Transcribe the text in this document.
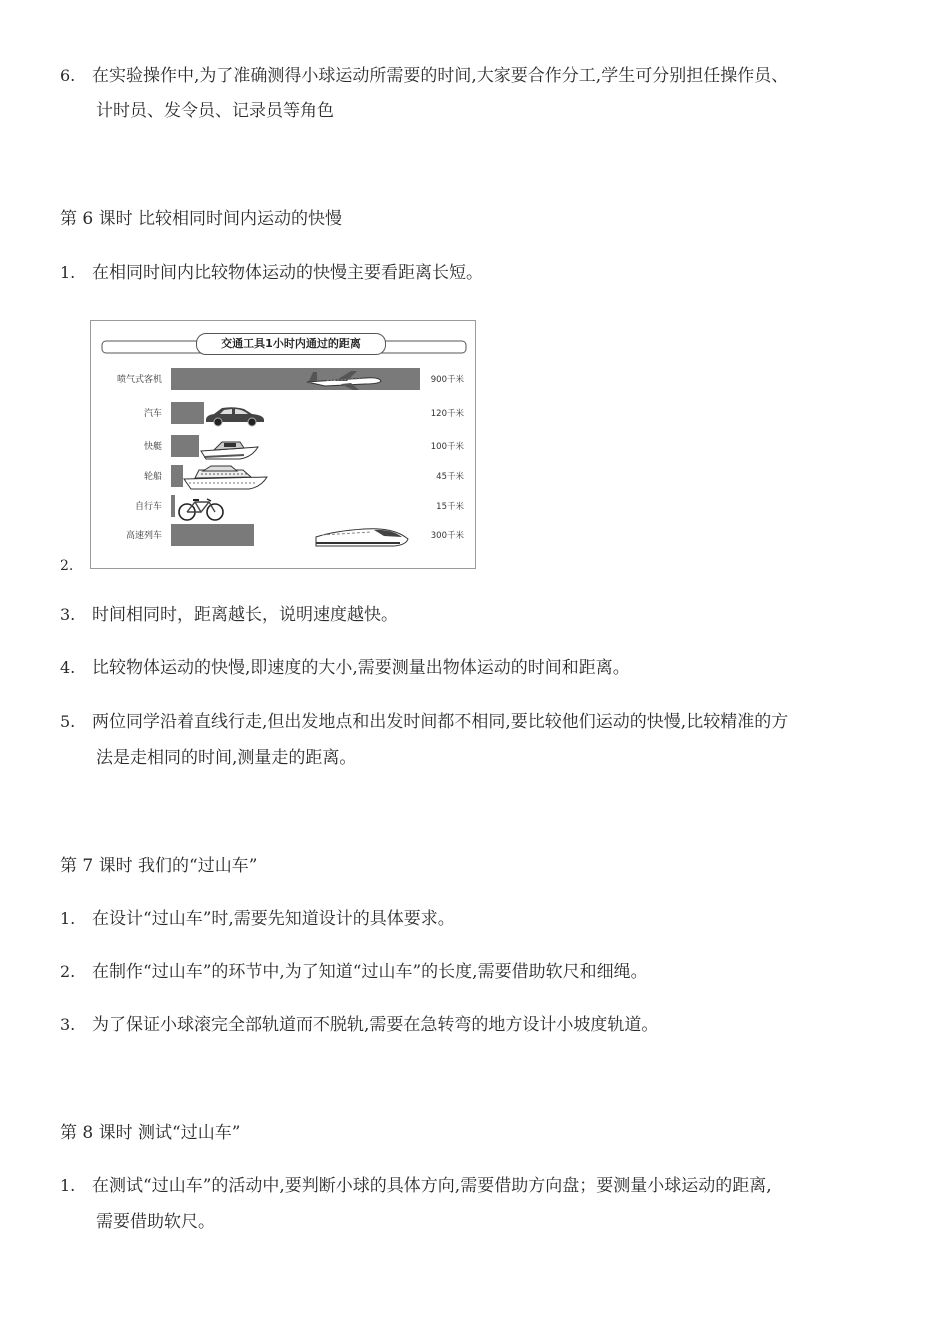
6. 在实验操作中,为了准确测得小球运动所需要的时间,大家要合作分工,学生可分别担任操作员、
计时员、发令员、记录员等角色
第 6 课时 比较相同时间内运动的快慢
1. 在相同时间内比较物体运动的快慢主要看距离长短。
交通工具1小时内通过的距离
喷气式客机	900千米
汽车	120千米
快艇	100千米
轮船	45千米
自行车	15千米
高速列车	300千米
2.
3. 时间相同时，距离越长，说明速度越快。
4. 比较物体运动的快慢,即速度的大小,需要测量出物体运动的时间和距离。
5. 两位同学沿着直线行走,但出发地点和出发时间都不相同,要比较他们运动的快慢,比较精准的方
法是走相同的时间,测量走的距离。
第 7 课时 我们的“过山车”
1. 在设计“过山车”时,需要先知道设计的具体要求。
2. 在制作“过山车”的环节中,为了知道“过山车”的长度,需要借助软尺和细绳。
3. 为了保证小球滚完全部轨道而不脱轨,需要在急转弯的地方设计小坡度轨道。
第 8 课时 测试“过山车”
1. 在测试“过山车”的活动中,要判断小球的具体方向,需要借助方向盘；要测量小球运动的距离,
需要借助软尺。
